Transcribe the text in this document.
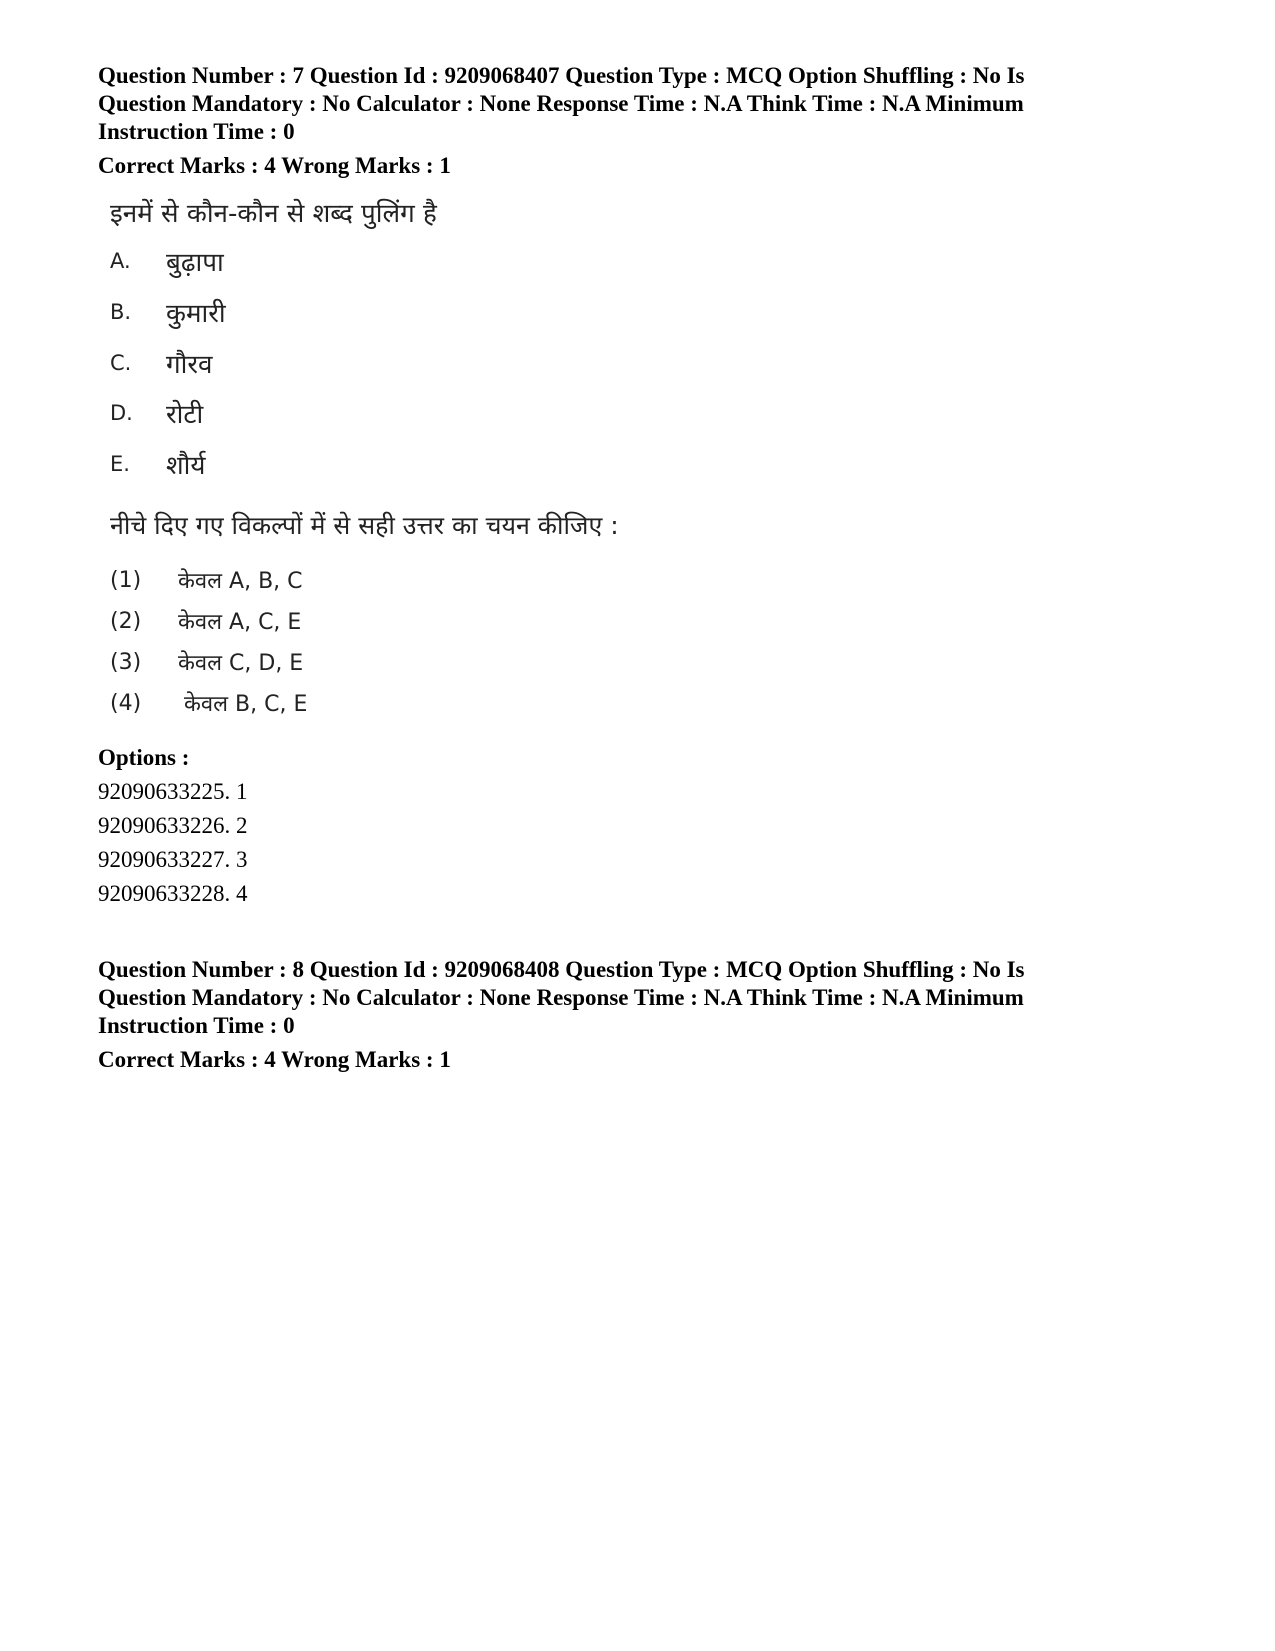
Question Number : 7 Question Id : 9209068407 Question Type : MCQ Option Shuffling : No Is
Question Mandatory : No Calculator : None Response Time : N.A Think Time : N.A Minimum
Instruction Time : 0
Correct Marks : 4 Wrong Marks : 1
इनमें से कौन-कौन से शब्द पुलिंग है
A.	बुढ़ापा
B.	कुमारी
C.	गौरव
D.	रोटी
E.	शौर्य
नीचे दिए गए विकल्पों में से सही उत्तर का चयन कीजिए :
(1)	केवल A, B, C
(2)	केवल A, C, E
(3)	केवल C, D, E
(4)	केवल B, C, E
Options :
92090633225. 1
92090633226. 2
92090633227. 3
92090633228. 4
Question Number : 8 Question Id : 9209068408 Question Type : MCQ Option Shuffling : No Is
Question Mandatory : No Calculator : None Response Time : N.A Think Time : N.A Minimum
Instruction Time : 0
Correct Marks : 4 Wrong Marks : 1
